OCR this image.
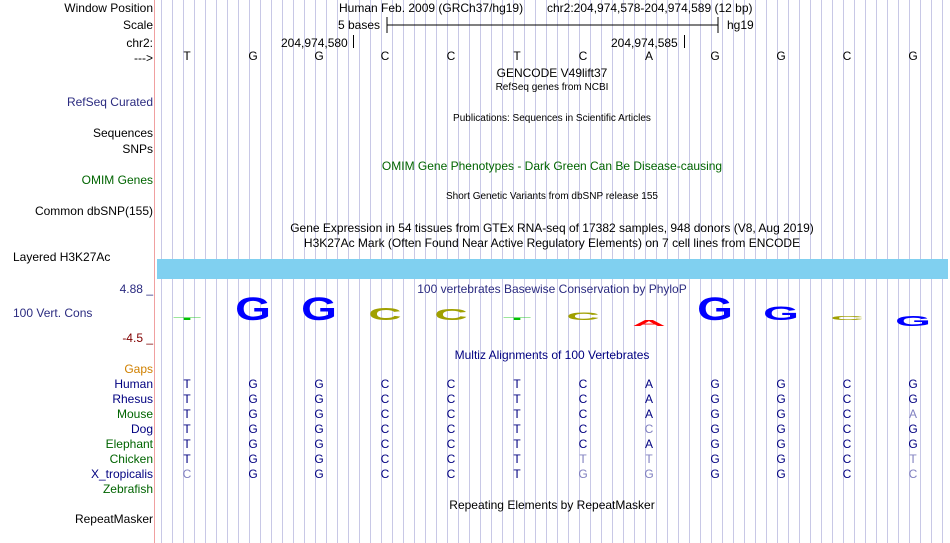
Window Position
Scale
chr2:
--->
RefSeq Curated
Sequences
SNPs
OMIM Genes
Common dbSNP(155)
Layered H3K27Ac
4.88 _
100 Vert. Cons
-4.5 _
Gaps
Human
Rhesus
Mouse
Dog
Elephant
Chicken
X_tropicalis
Zebrafish
RepeatMasker
Human Feb. 2009 (GRCh37/hg19) chr2:204,974,578-204,974,589 (12 bp)
5 bases	hg19
204,974,580	204,974,585
T	G	G	C	C	T	C	A	G	G	C	G
GENCODE V49lift37
RefSeq genes from NCBI
Publications: Sequences in Scientific Articles
OMIM Gene Phenotypes - Dark Green Can Be Disease-causing
Short Genetic Variants from dbSNP release 155
Gene Expression in 54 tissues from GTEx RNA-seq of 17382 samples, 948 donors (V8, Aug 2019)
H3K27Ac Mark (Often Found Near Active Regulatory Elements) on 7 cell lines from ENCODE
100 vertebrates Basewise Conservation by PhyloP
T G G C C T C
A G G C G
Multiz Alignments of 100 Vertebrates
T	G	G	C	C	T	C	A	G	G	C	G
T	G	G	C	C	T	C	A	G	G	C	G
T	G	G	C	C	T	C	A	G	G	C	A
T	G	G	C	C	T	C	C	G	G	C	G
T	G	G	C	C	T	C	A	G	G	C	G
T	G	G	C	C	T	T	T	G	G	C	T
C	G	G	C	C	T	G	G	G	G	C	C
Repeating Elements by RepeatMasker
